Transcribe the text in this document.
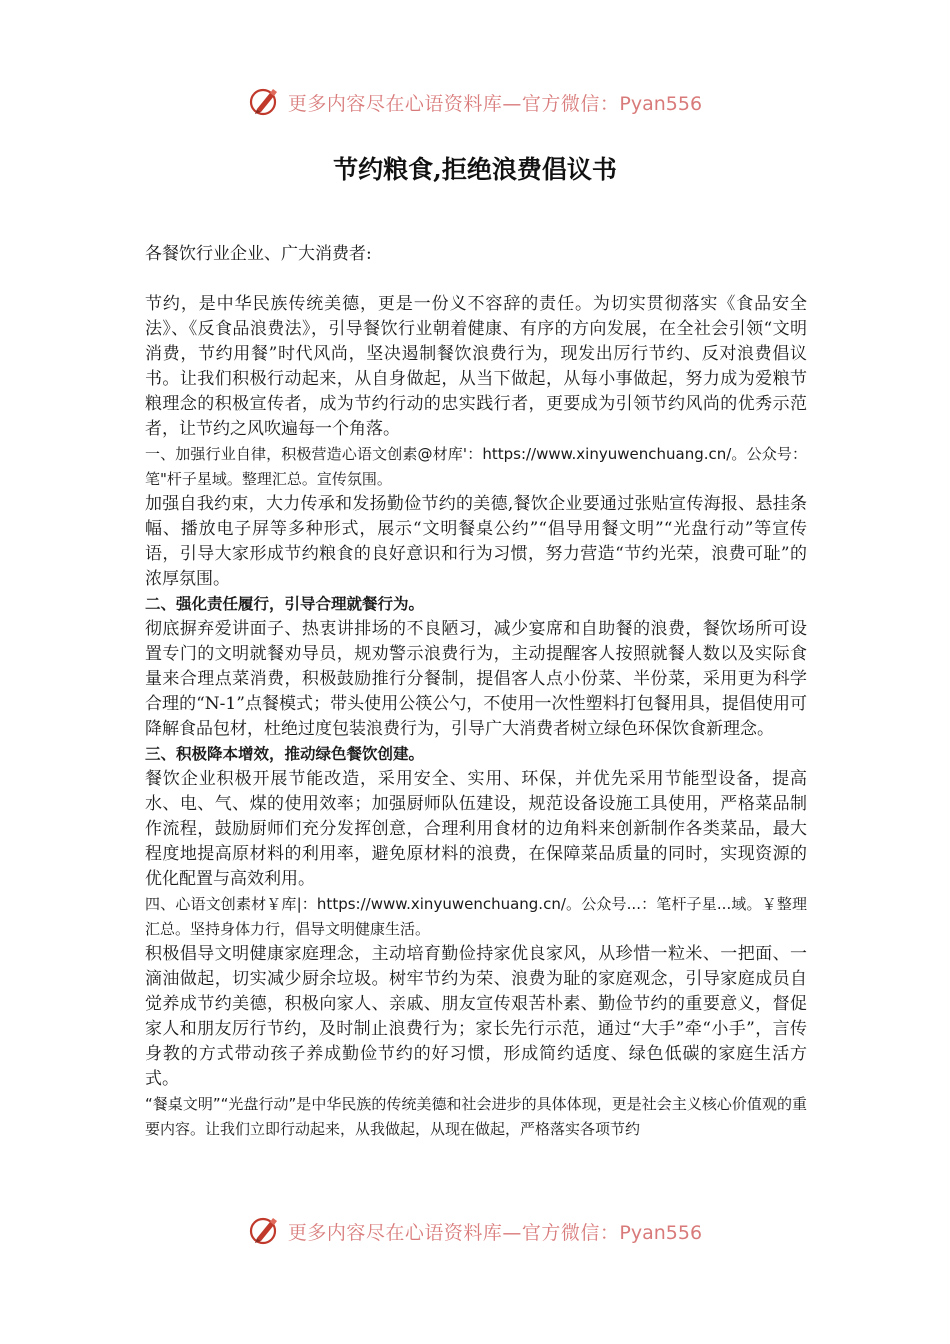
更多内容尽在心语资料库—官方微信：Pyan556
节约粮食,拒绝浪费倡议书

各餐饮行业企业、广大消费者:

节约，是中华民族传统美德，更是一份义不容辞的责任。为切实贯彻落实《食品安全法》、《反食品浪费法》，引导餐饮行业朝着健康、有序的方向发展，在全社会引领“文明消费，节约用餐”时代风尚，坚决遏制餐饮浪费行为，现发出厉行节约、反对浪费倡议书。让我们积极行动起来，从自身做起，从当下做起，从每小事做起，努力成为爱粮节粮理念的积极宣传者，成为节约行动的忠实践行者，更要成为引领节约风尚的优秀示范者，让节约之风吹遍每一个角落。

一、加强行业自律，积极营造心语文创素@材库'：https://www.xinyuwenchuang.cn/。公众号：笔"杆子星域。整理汇总。宣传氛围。

加强自我约束，大力传承和发扬勤俭节约的美德,餐饮企业要通过张贴宣传海报、悬挂条幅、播放电子屏等多种形式，展示“文明餐桌公约”“倡导用餐文明”“光盘行动”等宣传语，引导大家形成节约粮食的良好意识和行为习惯，努力营造“节约光荣，浪费可耻”的浓厚氛围。

二、强化责任履行，引导合理就餐行为。

彻底摒弃爱讲面子、热衷讲排场的不良陋习，减少宴席和自助餐的浪费，餐饮场所可设置专门的文明就餐劝导员，规劝警示浪费行为，主动提醒客人按照就餐人数以及实际食量来合理点菜消费，积极鼓励推行分餐制，提倡客人点小份菜、半份菜，采用更为科学合理的“N-1”点餐模式；带头使用公筷公勺，不使用一次性塑料打包餐用具，提倡使用可降解食品包材，杜绝过度包装浪费行为，引导广大消费者树立绿色环保饮食新理念。

三、积极降本增效，推动绿色餐饮创建。

餐饮企业积极开展节能改造，采用安全、实用、环保，并优先采用节能型设备，提高水、电、气、煤的使用效率；加强厨师队伍建设，规范设备设施工具使用，严格菜品制作流程，鼓励厨师们充分发挥创意，合理利用食材的边角料来创新制作各类菜品，最大程度地提高原材料的利用率，避免原材料的浪费，在保障菜品质量的同时，实现资源的优化配置与高效利用。

四、心语文创素材￥库|：https://www.xinyuwenchuang.cn/。公众号...：笔杆子星...域。￥整理汇总。坚持身体力行，倡导文明健康生活。

积极倡导文明健康家庭理念，主动培育勤俭持家优良家风，从珍惜一粒米、一把面、一滴油做起，切实减少厨余垃圾。树牢节约为荣、浪费为耻的家庭观念，引导家庭成员自觉养成节约美德，积极向家人、亲戚、朋友宣传艰苦朴素、勤俭节约的重要意义，督促家人和朋友厉行节约，及时制止浪费行为；家长先行示范，通过“大手”牵“小手”，言传身教的方式带动孩子养成勤俭节约的好习惯，形成简约适度、绿色低碳的家庭生活方式。

“餐桌文明”“光盘行动”是中华民族的传统美德和社会进步的具体体现，更是社会主义核心价值观的重要内容。让我们立即行动起来，从我做起，从现在做起，严格落实各项节约

更多内容尽在心语资料库—官方微信：Pyan556
